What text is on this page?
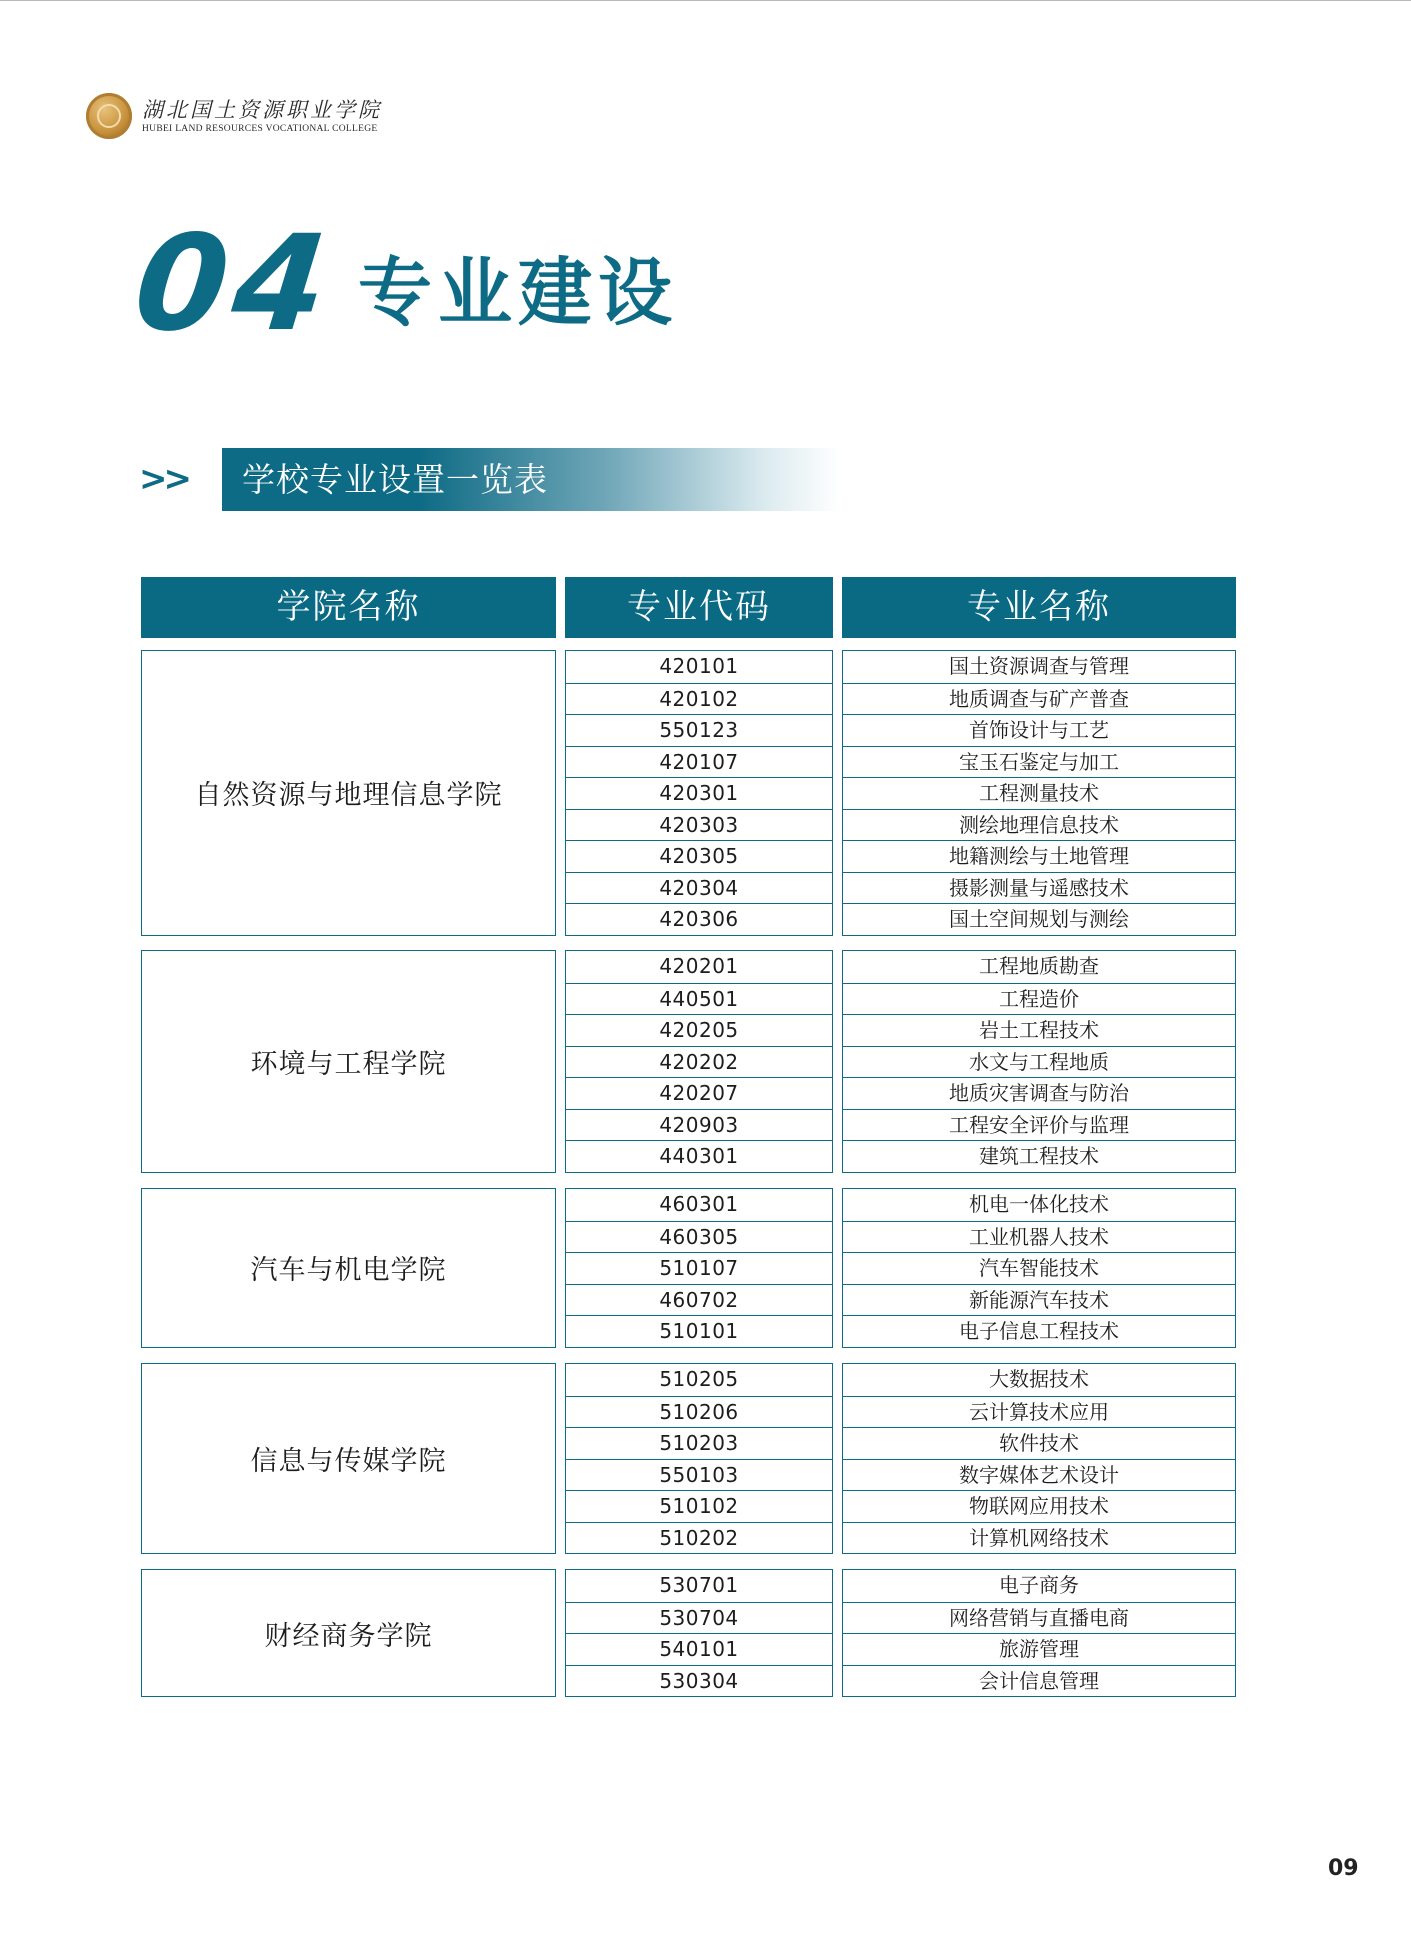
湖北国土资源职业学院
HUBEI LAND RESOURCES VOCATIONAL COLLEGE
04 专业建设
>> 学校专业设置一览表
学院名称	专业代码	专业名称
自然资源与地理信息学院
420101
420102
550123
420107
420301
420303
420305
420304
420306
国土资源调查与管理
地质调查与矿产普查
首饰设计与工艺
宝玉石鉴定与加工
工程测量技术
测绘地理信息技术
地籍测绘与土地管理
摄影测量与遥感技术
国土空间规划与测绘
环境与工程学院
420201
440501
420205
420202
420207
420903
440301
工程地质勘查
工程造价
岩土工程技术
水文与工程地质
地质灾害调查与防治
工程安全评价与监理
建筑工程技术
汽车与机电学院
460301
460305
510107
460702
510101
机电一体化技术
工业机器人技术
汽车智能技术
新能源汽车技术
电子信息工程技术
信息与传媒学院
510205
510206
510203
550103
510102
510202
大数据技术
云计算技术应用
软件技术
数字媒体艺术设计
物联网应用技术
计算机网络技术
财经商务学院
530701
530704
540101
530304
电子商务
网络营销与直播电商
旅游管理
会计信息管理
09
